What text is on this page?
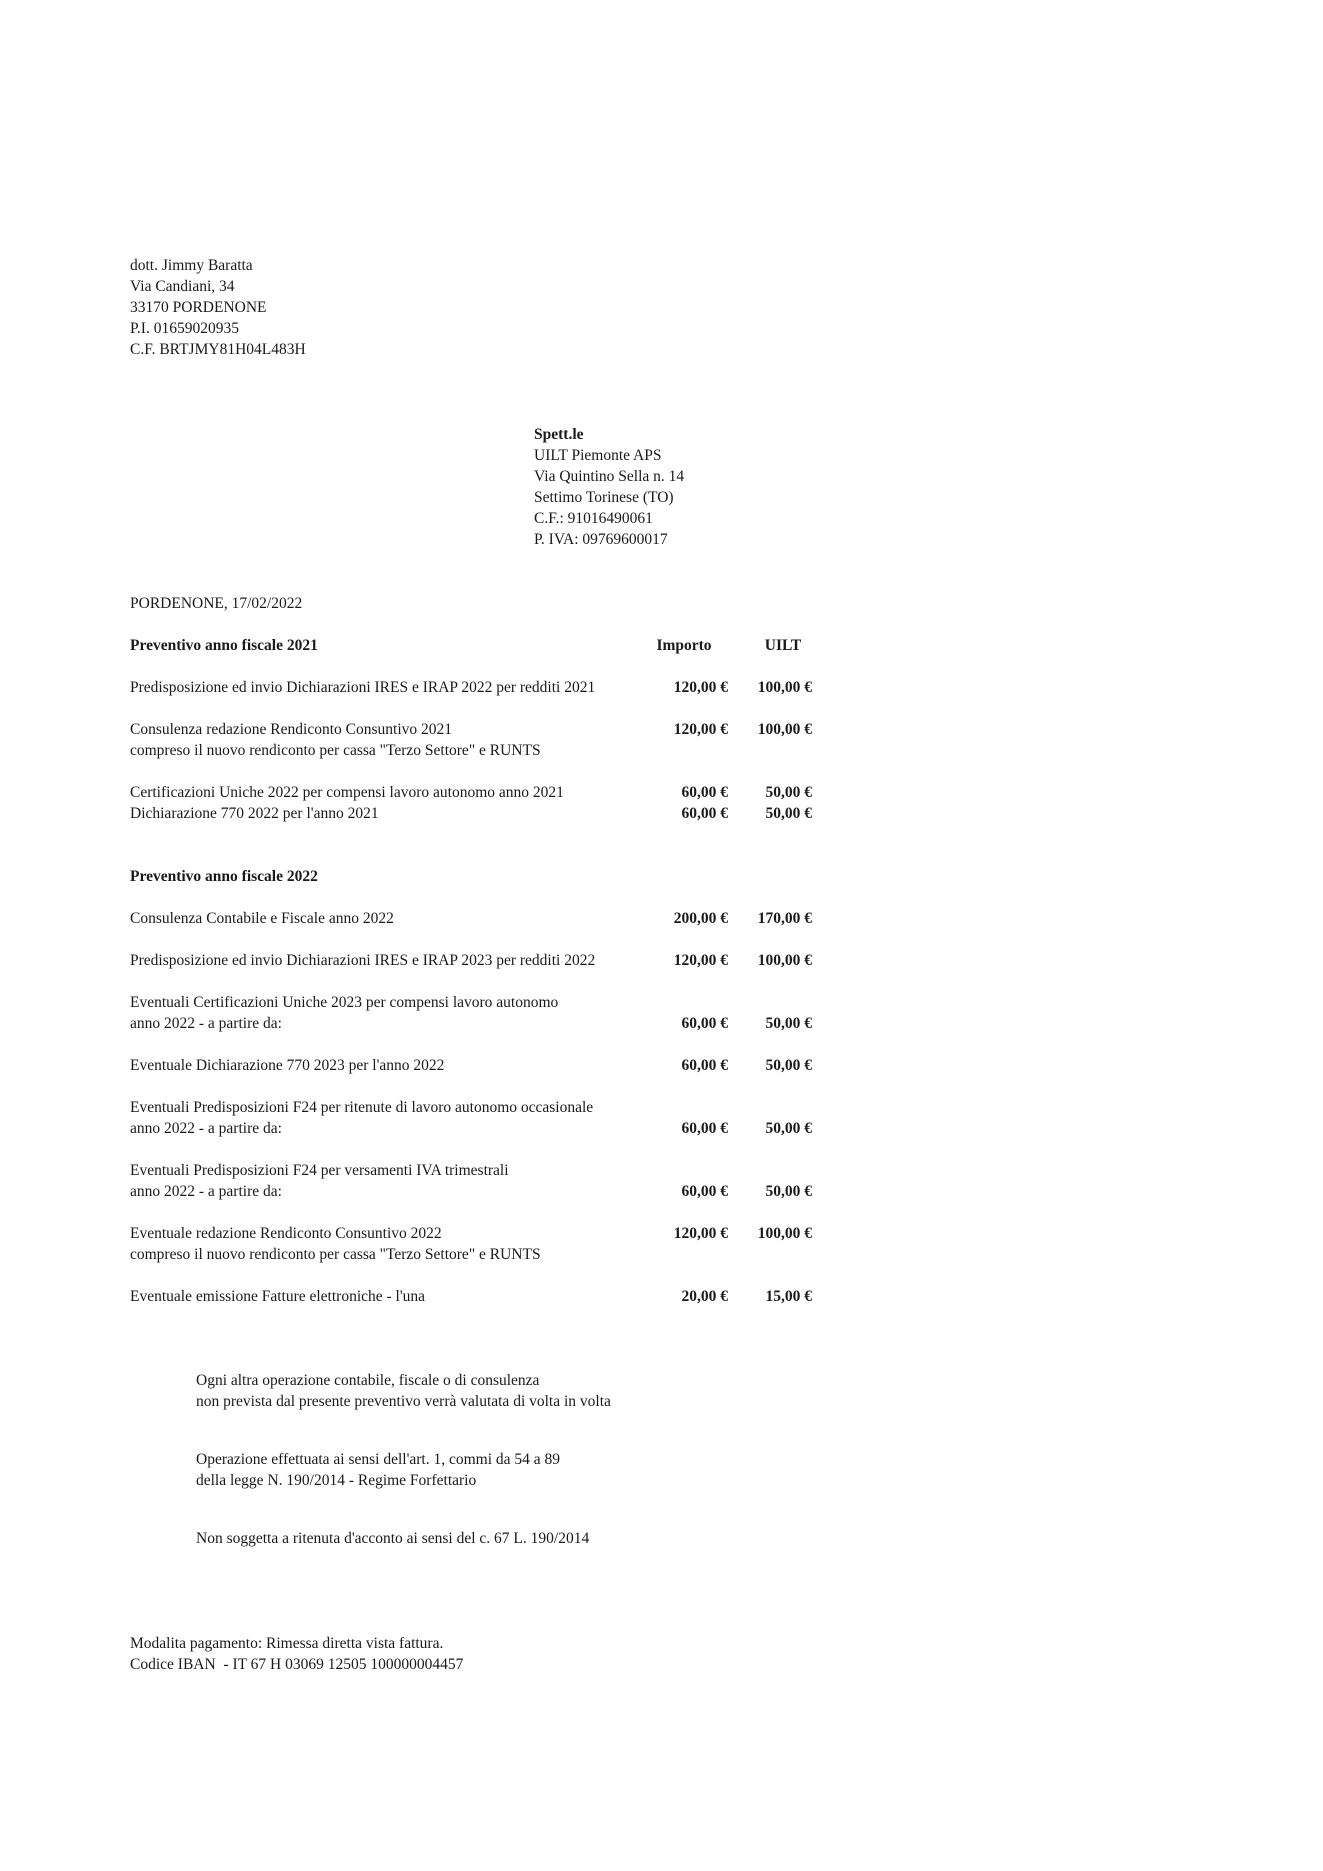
dott. Jimmy Baratta
Via Candiani, 34
33170 PORDENONE
P.I. 01659020935
C.F. BRTJMY81H04L483H
Spett.le
UILT Piemonte APS
Via Quintino Sella n. 14
Settimo Torinese (TO)
C.F.: 91016490061
P. IVA: 09769600017
PORDENONE, 17/02/2022
Preventivo anno fiscale 2021	Importo	UILT
Predisposizione ed invio Dichiarazioni IRES e IRAP 2022 per redditi 2021	120,00 €	100,00 €
Consulenza redazione Rendiconto Consuntivo 2021
compreso il nuovo rendiconto per cassa "Terzo Settore" e RUNTS
120,00 €	100,00 €
Certificazioni Uniche 2022 per compensi lavoro autonomo anno 2021	60,00 €	50,00 €
Dichiarazione 770 2022 per l'anno 2021	60,00 €	50,00 €
Preventivo anno fiscale 2022
Consulenza Contabile e Fiscale anno 2022	200,00 €	170,00 €
Predisposizione ed invio Dichiarazioni IRES e IRAP 2023 per redditi 2022	120,00 €	100,00 €
Eventuali Certificazioni Uniche 2023 per compensi lavoro autonomo
anno 2022 - a partire da:	60,00 €	50,00 €
Eventuale Dichiarazione 770 2023 per l'anno 2022	60,00 €	50,00 €
Eventuali Predisposizioni F24 per ritenute di lavoro autonomo occasionale
anno 2022 - a partire da:	60,00 €	50,00 €
Eventuali Predisposizioni F24 per versamenti IVA trimestrali
anno 2022 - a partire da:	60,00 €	50,00 €
Eventuale redazione Rendiconto Consuntivo 2022
compreso il nuovo rendiconto per cassa "Terzo Settore" e RUNTS
120,00 €	100,00 €
Eventuale emissione Fatture elettroniche - l'una	20,00 €	15,00 €
Ogni altra operazione contabile, fiscale o di consulenza
non prevista dal presente preventivo verrà valutata di volta in volta
Operazione effettuata ai sensi dell'art. 1, commi da 54 a 89
della legge N. 190/2014 - Regime Forfettario
Non soggetta a ritenuta d'acconto ai sensi del c. 67 L. 190/2014
Modalita pagamento: Rimessa diretta vista fattura.
Codice IBAN  - IT 67 H 03069 12505 100000004457
